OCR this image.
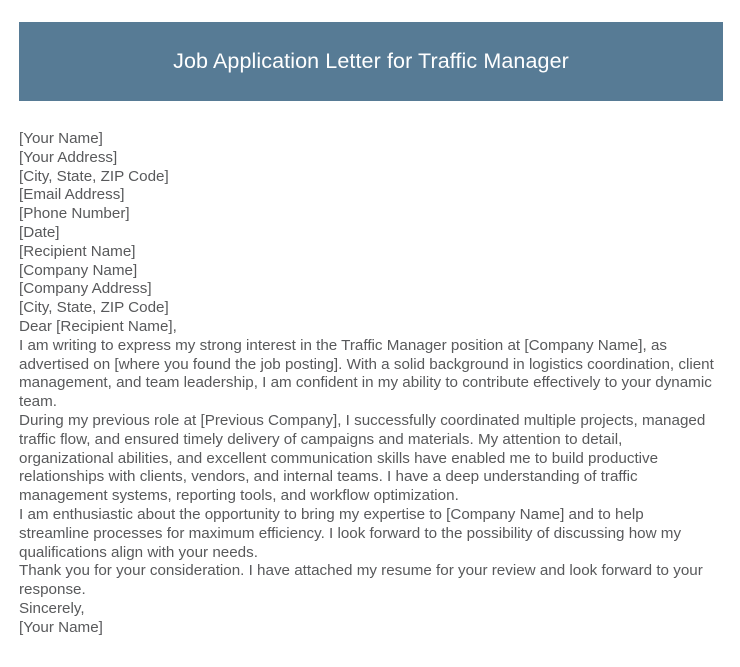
Job Application Letter for Traffic Manager

[Your Name]

[Your Address]

[City, State, ZIP Code]

[Email Address]

[Phone Number]

[Date]

[Recipient Name]

[Company Name]

[Company Address]

[City, State, ZIP Code]

Dear [Recipient Name],

I am writing to express my strong interest in the Traffic Manager position at [Company Name], as advertised on [where you found the job posting]. With a solid background in logistics coordination, client management, and team leadership, I am confident in my ability to contribute effectively to your dynamic team.

During my previous role at [Previous Company], I successfully coordinated multiple projects, managed traffic flow, and ensured timely delivery of campaigns and materials. My attention to detail, organizational abilities, and excellent communication skills have enabled me to build productive relationships with clients, vendors, and internal teams. I have a deep understanding of traffic management systems, reporting tools, and workflow optimization.

I am enthusiastic about the opportunity to bring my expertise to [Company Name] and to help streamline processes for maximum efficiency. I look forward to the possibility of discussing how my qualifications align with your needs.

Thank you for your consideration. I have attached my resume for your review and look forward to your response.

Sincerely,

[Your Name]
